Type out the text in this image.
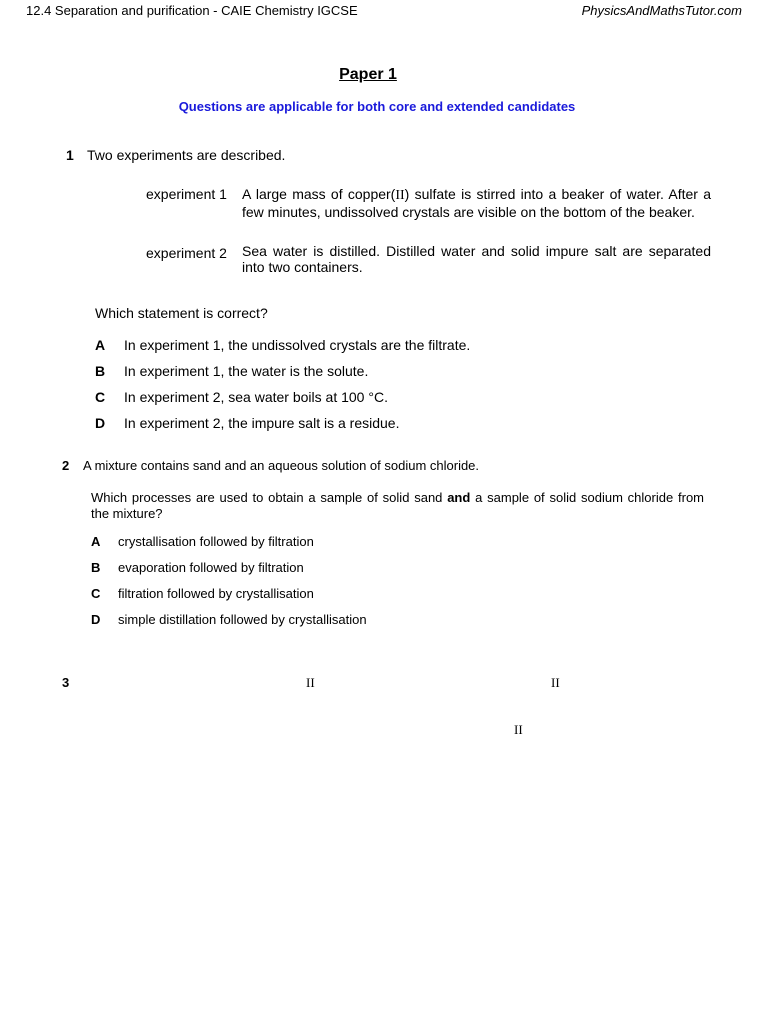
12.4 Separation and purification - CAIE Chemistry IGCSE	PhysicsAndMathsTutor.com
Paper 1
Questions are applicable for both core and extended candidates
1 Two experiments are described.
experiment 1 A large mass of copper(II) sulfate is stirred into a beaker of water. After a few minutes, undissolved crystals are visible on the bottom of the beaker.
experiment 2 Sea water is distilled. Distilled water and solid impure salt are separated into two containers.
Which statement is correct?
A In experiment 1, the undissolved crystals are the filtrate.
B In experiment 1, the water is the solute.
C In experiment 2, sea water boils at 100 °C.
D In experiment 2, the impure salt is a residue.
2 A mixture contains sand and an aqueous solution of sodium chloride.
Which processes are used to obtain a sample of solid sand and a sample of solid sodium chloride from the mixture?
A crystallisation followed by filtration
B evaporation followed by filtration
C filtration followed by crystallisation
D simple distillation followed by crystallisation
3	II	II
II
